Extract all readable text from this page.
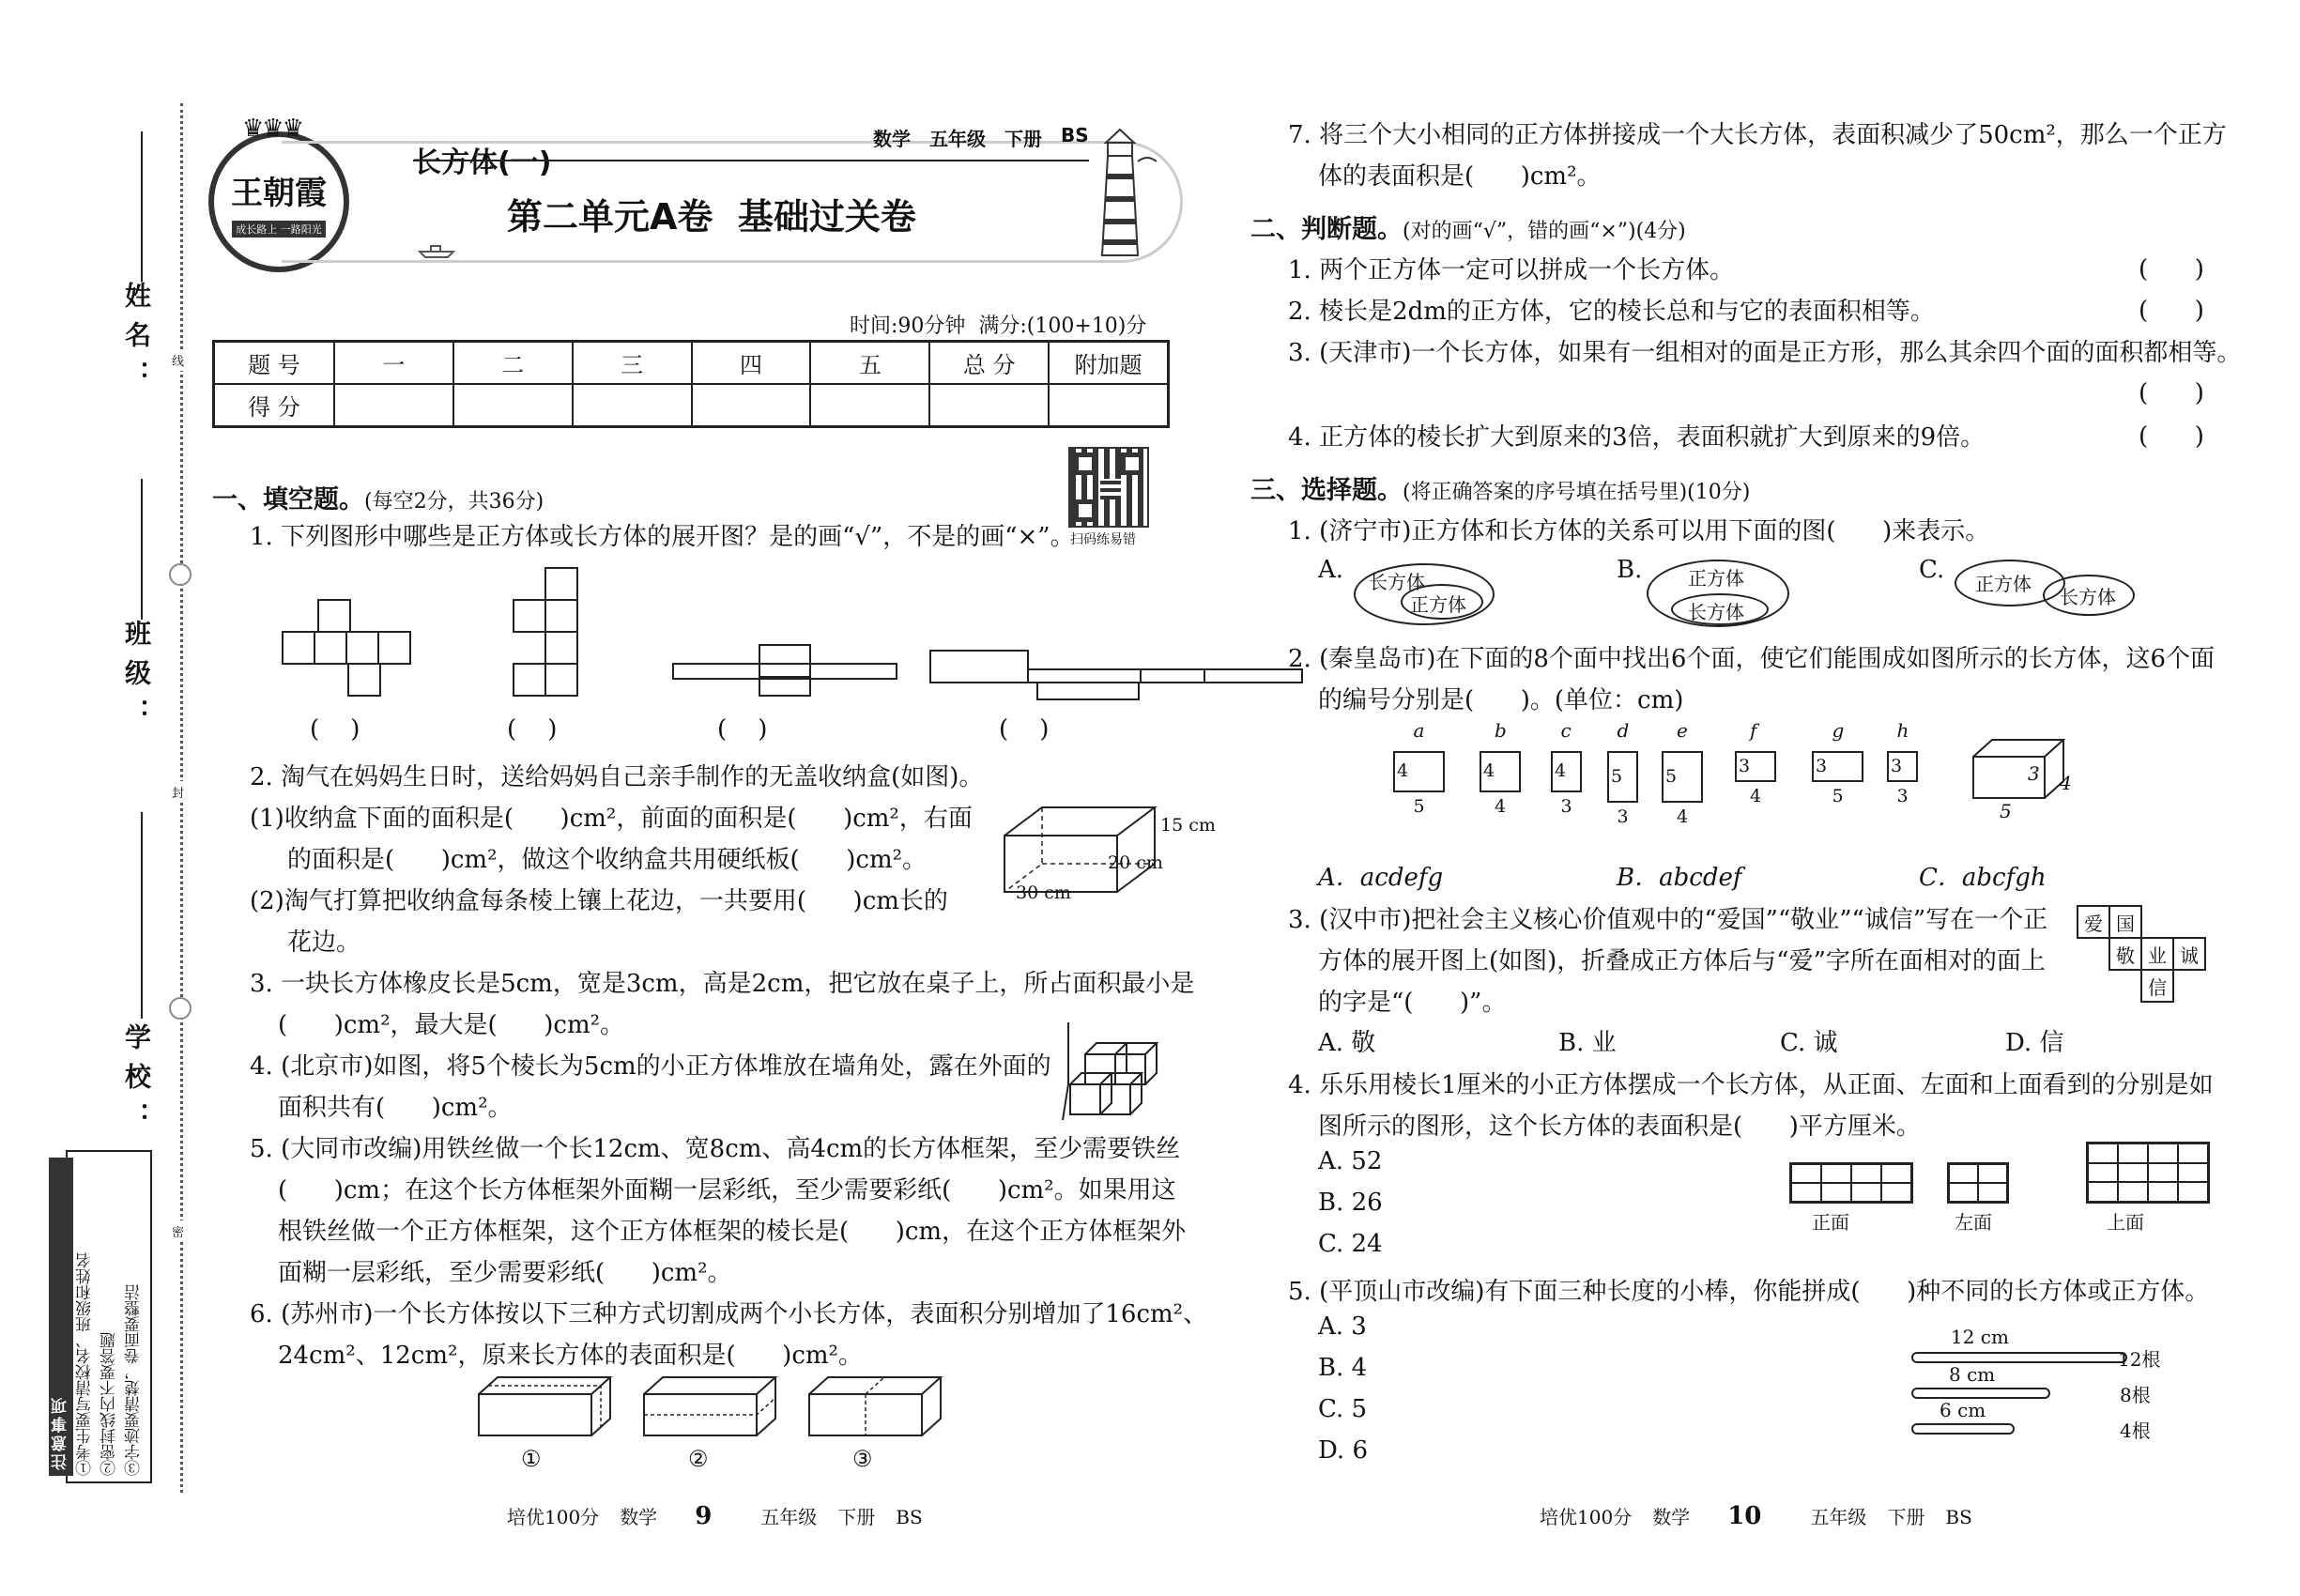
姓名：
班级：
学校：
线
封
密
注意事项 ①考生要写清校名、班级和姓名 ②密封线内不要答题 ③字迹要清楚，卷面要整洁
♛♛♛
王朝霞
成长路上 一路阳光
长方体(一)
数学 五年级 下册 BS
第二单元A卷  基础过关卷
时间:90分钟  满分:(100+10)分
题 号	一	二	三	四	五	总 分	附加题
得 分
扫码练易错
一、填空题。(每空2分，共36分)
1. 下列图形中哪些是正方体或长方体的展开图？是的画“√”，不是的画“×”。
(    )	(    )	(    )	(    )
2. 淘气在妈妈生日时，送给妈妈自己亲手制作的无盖收纳盒(如图)。
(1)收纳盒下面的面积是(      )cm²，前面的面积是(      )cm²，右面
的面积是(      )cm²，做这个收纳盒共用硬纸板(      )cm²。
(2)淘气打算把收纳盒每条棱上镶上花边，一共要用(      )cm长的
花边。
15 cm
20 cm
30 cm
3. 一块长方体橡皮长是5cm，宽是3cm，高是2cm，把它放在桌子上，所占面积最小是
(      )cm²，最大是(      )cm²。
4. (北京市)如图，将5个棱长为5cm的小正方体堆放在墙角处，露在外面的
面积共有(      )cm²。
5. (大同市改编)用铁丝做一个长12cm、宽8cm、高4cm的长方体框架，至少需要铁丝
(      )cm；在这个长方体框架外面糊一层彩纸，至少需要彩纸(      )cm²。如果用这
根铁丝做一个正方体框架，这个正方体框架的棱长是(      )cm，在这个正方体框架外
面糊一层彩纸，至少需要彩纸(      )cm²。
6. (苏州市)一个长方体按以下三种方式切割成两个小长方体，表面积分别增加了16cm²、
24cm²、12cm²，原来长方体的表面积是(      )cm²。
①	②	③
培优100分 数学 9	五年级 下册 BS
7. 将三个大小相同的正方体拼接成一个大长方体，表面积减少了50cm²，那么一个正方
体的表面积是(      )cm²。
二、判断题。(对的画“√”，错的画“×”)(4分)
1. 两个正方体一定可以拼成一个长方体。	(      )
2. 棱长是2dm的正方体，它的棱长总和与它的表面积相等。	(      )
3. (天津市)一个长方体，如果有一组相对的面是正方形，那么其余四个面的面积都相等。
(      )
4. 正方体的棱长扩大到原来的3倍，表面积就扩大到原来的9倍。	(      )
三、选择题。(将正确答案的序号填在括号里)(10分)
1. (济宁市)正方体和长方体的关系可以用下面的图(      )来表示。
A. 长方体
正方体
B. 正方体
长方体
C. 正方体
长方体
2. (秦皇岛市)在下面的8个面中找出6个面，使它们能围成如图所示的长方体，这6个面
的编号分别是(      )。(单位：cm)
a
4
5
b
4
4
c
4
3
d
5
3
e
5
4
f
3
4
g
3
5
h
3
3
3 4
5
A．acdefg	B．abcdef	C．abcfgh
3. (汉中市)把社会主义核心价值观中的“爱国”“敬业”“诚信”写在一个正
方体的展开图上(如图)，折叠成正方体后与“爱”字所在面相对的面上
的字是“(      )”。
爱 国
敬 业 诚
信
A. 敬	B. 业	C. 诚	D. 信
4. 乐乐用棱长1厘米的小正方体摆成一个长方体，从正面、左面和上面看到的分别是如
图所示的图形，这个长方体的表面积是(      )平方厘米。
A. 52
B. 26
C. 24
正面	左面	上面
5. (平顶山市改编)有下面三种长度的小棒，你能拼成(      )种不同的长方体或正方体。
A. 3
B. 4
C. 5
D. 6
12 cm
12根
8 cm
8根
6 cm
4根
培优100分 数学 10	五年级 下册 BS
